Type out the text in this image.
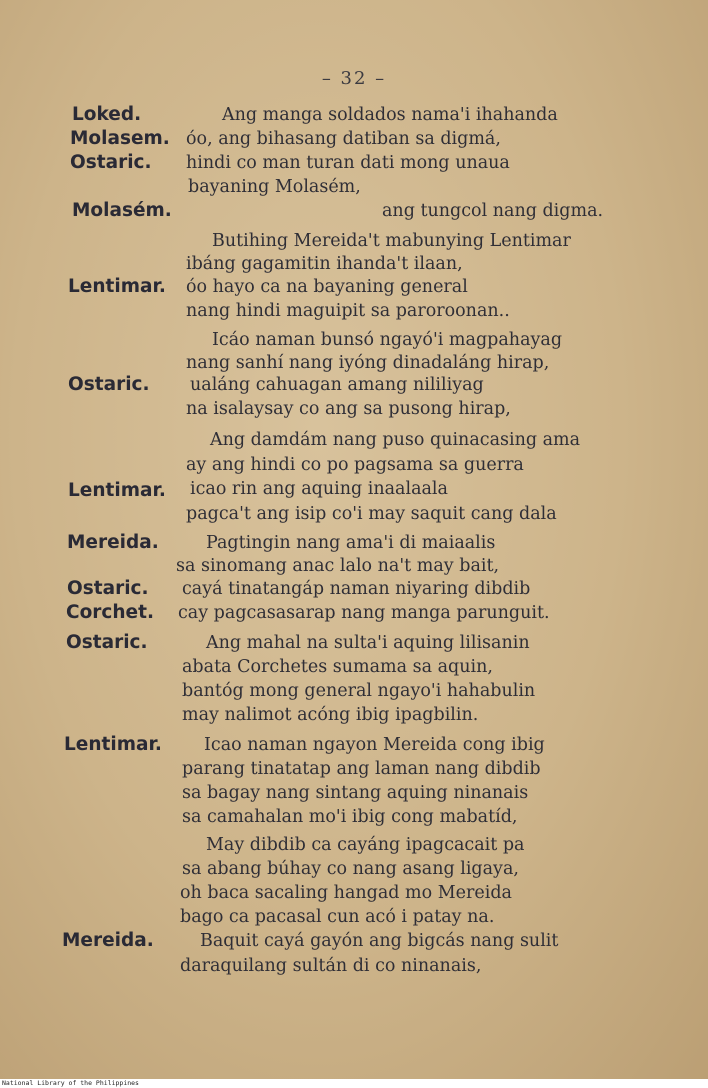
– 32 –
Loked.
Molasem.
Ostaric.
Molasém.
Lentimar.
Ostaric.
Lentimar.
Mereida.
Ostaric.
Corchet.
Ostaric.
Lentimar.
Mereida.
Ang manga soldados nama'i ihahanda
óo, ang bihasang datiban sa digmá,
hindi co man turan dati mong unaua
bayaning Molasém,
ang tungcol nang digma.
Butihing Mereida't mabunying Lentimar
ibáng gagamitin ihanda't ilaan,
óo hayo ca na bayaning general
nang hindi maguipit sa paroroonan..
Icáo naman bunsó ngayó'i magpahayag
nang sanhí nang iyóng dinadaláng hirap,
ualáng cahuagan amang nililiyag
na isalaysay co ang sa pusong hirap,
Ang damdám nang puso quinacasing ama
ay ang hindi co po pagsama sa guerra
icao rin ang aquing inaalaala
pagca't ang isip co'i may saquit cang dala
Pagtingin nang ama'i di maiaalis
sa sinomang anac lalo na't may bait,
cayá tinatangáp naman niyaring dibdib
cay pagcasasarap nang manga parunguit.
Ang mahal na sulta'i aquing lilisanin
abata Corchetes sumama sa aquin,
bantóg mong general ngayo'i hahabulin
may nalimot acóng ibig ipagbilin.
Icao naman ngayon Mereida cong ibig
parang tinatatap ang laman nang dibdib
sa bagay nang sintang aquing ninanais
sa camahalan mo'i ibig cong mabatíd,
May dibdib ca cayáng ipagcacait pa
sa abang búhay co nang asang ligaya,
oh baca sacaling hangad mo Mereida
bago ca pacasal cun acó i patay na.
Baquit cayá gayón ang bigcás nang sulit
daraquilang sultán di co ninanais,
National Library of the Philippines
